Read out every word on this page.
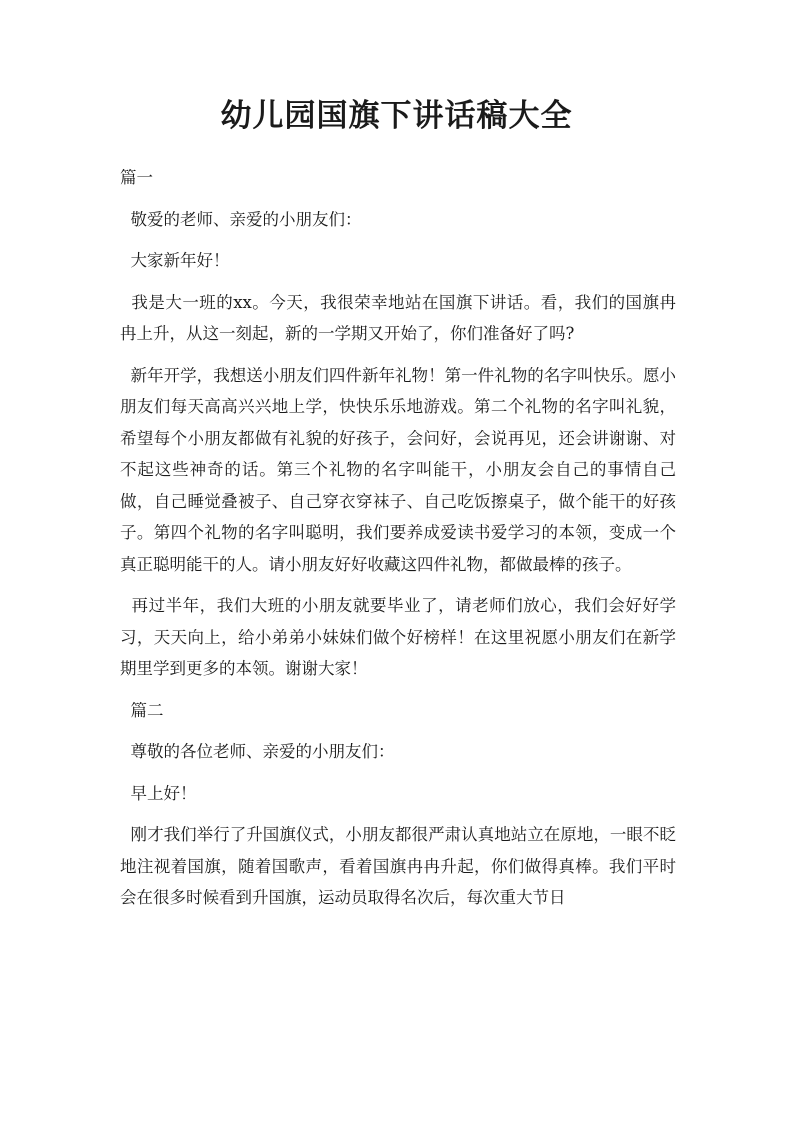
幼儿园国旗下讲话稿大全

篇一

敬爱的老师、亲爱的小朋友们：

大家新年好！

我是大一班的xx。今天，我很荣幸地站在国旗下讲话。看，我们的国旗冉冉上升，从这一刻起，新的一学期又开始了，你们准备好了吗?

新年开学，我想送小朋友们四件新年礼物！第一件礼物的名字叫快乐。愿小朋友们每天高高兴兴地上学，快快乐乐地游戏。第二个礼物的名字叫礼貌，希望每个小朋友都做有礼貌的好孩子，会问好，会说再见，还会讲谢谢、对不起这些神奇的话。第三个礼物的名字叫能干，小朋友会自己的事情自己做，自己睡觉叠被子、自己穿衣穿袜子、自己吃饭擦桌子，做个能干的好孩子。第四个礼物的名字叫聪明，我们要养成爱读书爱学习的本领，变成一个真正聪明能干的人。请小朋友好好收藏这四件礼物，都做最棒的孩子。

再过半年，我们大班的小朋友就要毕业了，请老师们放心，我们会好好学习，天天向上，给小弟弟小妹妹们做个好榜样！在这里祝愿小朋友们在新学期里学到更多的本领。谢谢大家！

篇二

尊敬的各位老师、亲爱的小朋友们：

早上好！

刚才我们举行了升国旗仪式，小朋友都很严肃认真地站立在原地，一眼不眨地注视着国旗，随着国歌声，看着国旗冉冉升起，你们做得真棒。我们平时会在很多时候看到升国旗，运动员取得名次后，每次重大节日
